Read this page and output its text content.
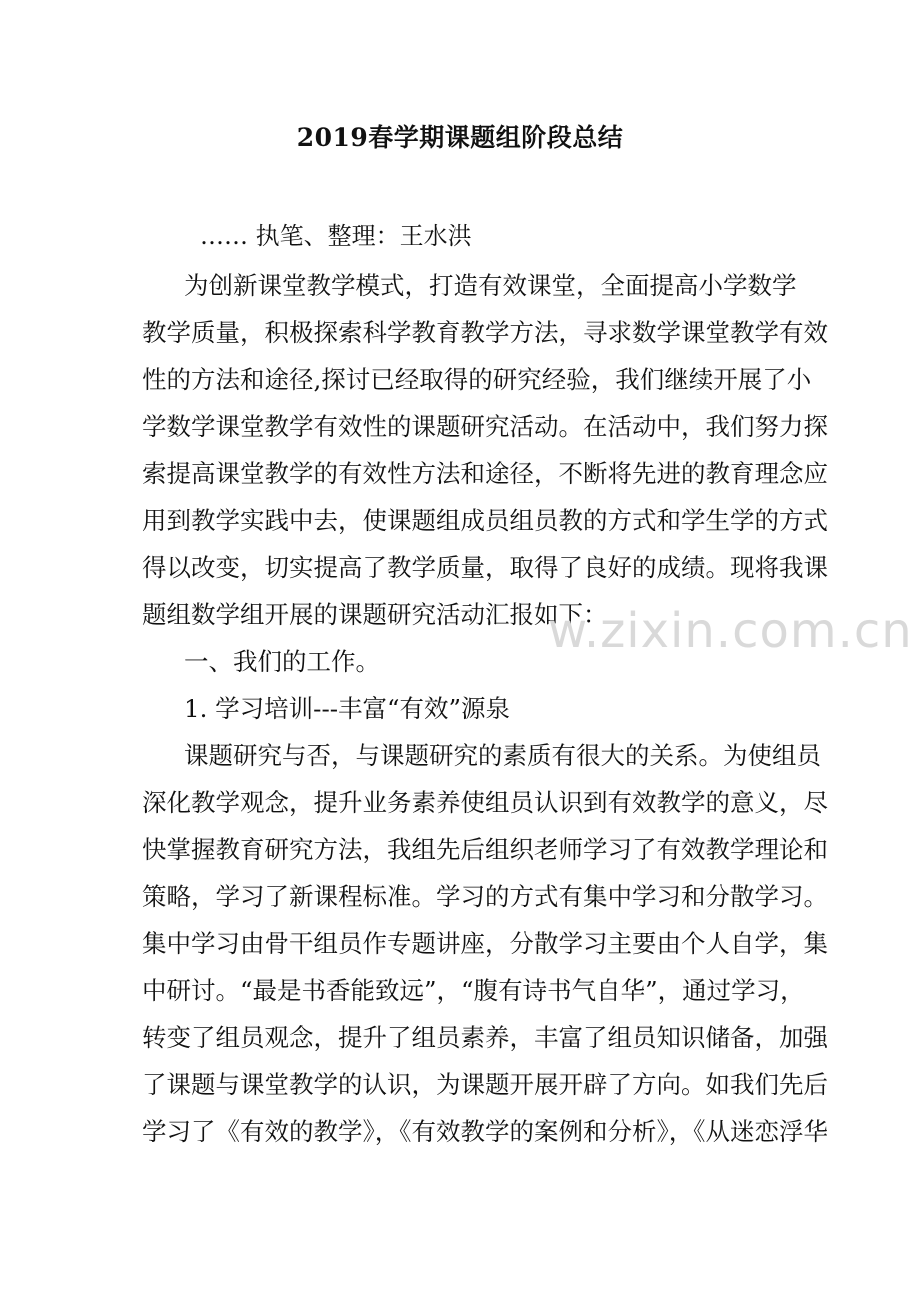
2019春学期课题组阶段总结
…… 执笔、整理：王水洪
为创新课堂教学模式，打造有效课堂，全面提高小学数学
教学质量，积极探索科学教育教学方法，寻求数学课堂教学有效
性的方法和途径,探讨已经取得的研究经验，我们继续开展了小
学数学课堂教学有效性的课题研究活动。在活动中，我们努力探
索提高课堂教学的有效性方法和途径，不断将先进的教育理念应
用到教学实践中去，使课题组成员组员教的方式和学生学的方式
得以改变，切实提高了教学质量，取得了良好的成绩。现将我课
题组数学组开展的课题研究活动汇报如下：
一、我们的工作。
1. 学习培训---丰富“有效”源泉
课题研究与否，与课题研究的素质有很大的关系。为使组员
深化教学观念，提升业务素养使组员认识到有效教学的意义，尽
快掌握教育研究方法，我组先后组织老师学习了有效教学理论和
策略，学习了新课程标准。学习的方式有集中学习和分散学习。
集中学习由骨干组员作专题讲座，分散学习主要由个人自学，集
中研讨。“最是书香能致远”，“腹有诗书气自华”，通过学习，
转变了组员观念，提升了组员素养，丰富了组员知识储备，加强
了课题与课堂教学的认识，为课题开展开辟了方向。如我们先后
学习了《有效的教学》，《有效教学的案例和分析》，《从迷恋浮华
w.zixin.com.cn
